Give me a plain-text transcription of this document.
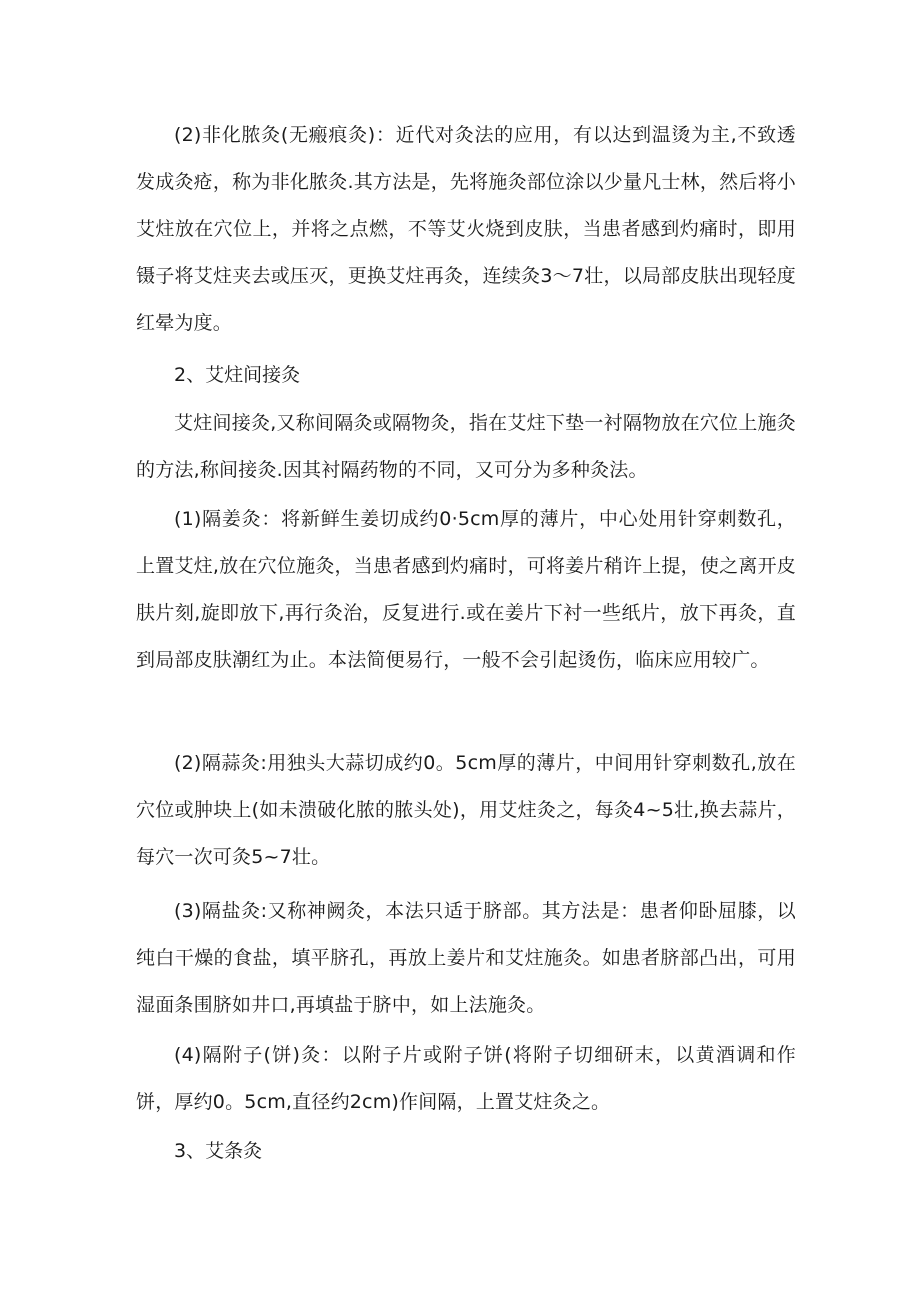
(2)非化脓灸(无瘢痕灸)：近代对灸法的应用，有以达到温烫为主,不致透发成灸疮，称为非化脓灸.其方法是，先将施灸部位涂以少量凡士林，然后将小艾炷放在穴位上，并将之点燃，不等艾火烧到皮肤，当患者感到灼痛时，即用镊子将艾炷夹去或压灭，更换艾炷再灸，连续灸3〜7壮，以局部皮肤出现轻度红晕为度。

2、艾炷间接灸

艾炷间接灸,又称间隔灸或隔物灸，指在艾炷下垫一衬隔物放在穴位上施灸的方法,称间接灸.因其衬隔药物的不同，又可分为多种灸法。

(1)隔姜灸：将新鲜生姜切成约0·5cm厚的薄片，中心处用针穿刺数孔，上置艾炷,放在穴位施灸，当患者感到灼痛时，可将姜片稍许上提，使之离开皮肤片刻,旋即放下,再行灸治，反复进行.或在姜片下衬一些纸片，放下再灸，直到局部皮肤潮红为止。本法简便易行，一般不会引起烫伤，临床应用较广。

(2)隔蒜灸:用独头大蒜切成约0。5cm厚的薄片，中间用针穿刺数孔,放在穴位或肿块上(如未溃破化脓的脓头处)，用艾炷灸之，每灸4~5壮,换去蒜片，每穴一次可灸5~7壮。

(3)隔盐灸:又称神阙灸，本法只适于脐部。其方法是：患者仰卧屈膝，以纯白干燥的食盐，填平脐孔，再放上姜片和艾炷施灸。如患者脐部凸出，可用湿面条围脐如井口,再填盐于脐中，如上法施灸。

(4)隔附子(饼)灸：以附子片或附子饼(将附子切细研末，以黄酒调和作饼，厚约0。5cm,直径约2cm)作间隔，上置艾炷灸之。

3、艾条灸
